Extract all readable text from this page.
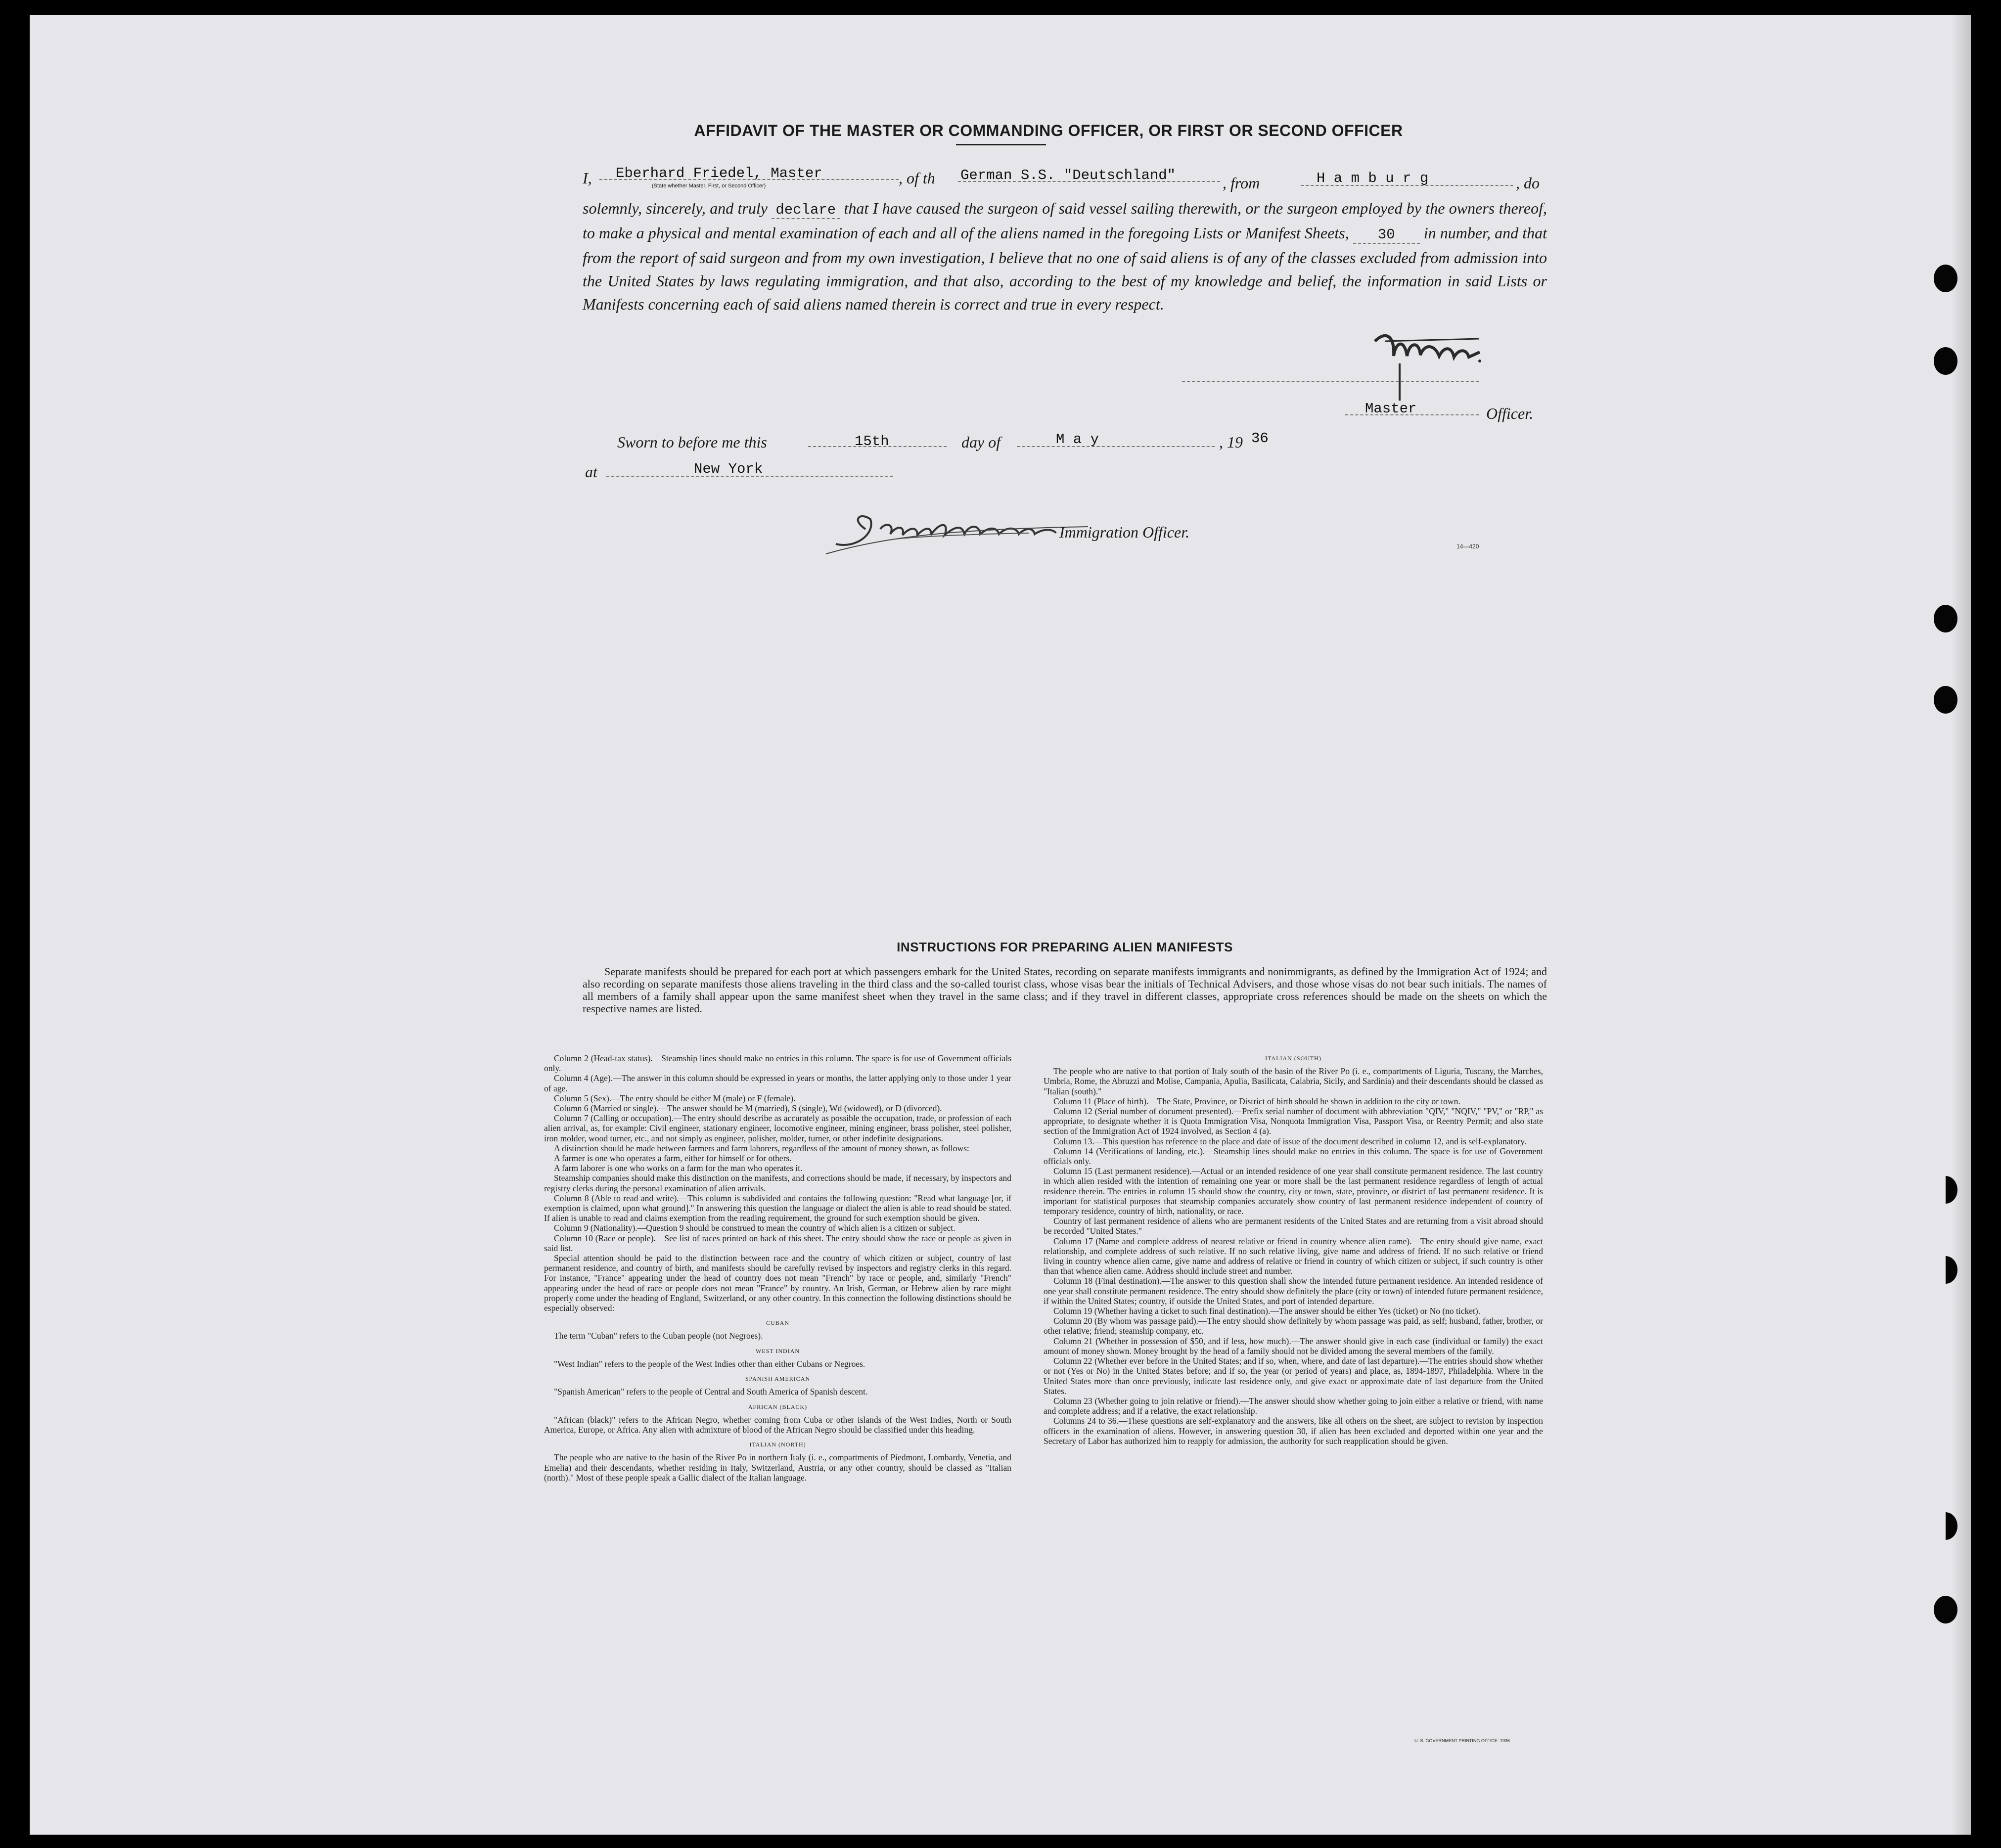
AFFIDAVIT OF THE MASTER OR COMMANDING OFFICER, OR FIRST OR SECOND OFFICER
I, Eberhard Friedel, Master
(State whether Master, First, or Second Officer)	, of th German S.S. "Deutschland"	, from	H a m b u r g	, do
solemnly, sincerely, and truly declare that I have caused the surgeon of said vessel sailing therewith, or the surgeon employed by the owners thereof, to make a physical and mental examination of each and all of the aliens named in the foregoing Lists or Manifest Sheets, 30 in number, and that from the report of said surgeon and from my own investigation, I believe that no one of said aliens is of any of the classes excluded from admission into the United States by laws regulating immigration, and that also, according to the best of my knowledge and belief, the information in said Lists or Manifests concerning each of said aliens named therein is correct and true in every respect.
Master	Officer.
Sworn to before me this	15th	day of	M a y	, 19 36
at	New York
Immigration Officer.
14—420
INSTRUCTIONS FOR PREPARING ALIEN MANIFESTS
Separate manifests should be prepared for each port at which passengers embark for the United States, recording on separate manifests immigrants and nonimmigrants, as defined by the Immigration Act of 1924; and also recording on separate manifests those aliens traveling in the third class and the so-called tourist class, whose visas bear the initials of Technical Advisers, and those whose visas do not bear such initials. The names of all members of a family shall appear upon the same manifest sheet when they travel in the same class; and if they travel in different classes, appropriate cross references should be made on the sheets on which the respective names are listed.

Column 2 (Head-tax status).—Steamship lines should make no entries in this column. The space is for use of Government officials only.

Column 4 (Age).—The answer in this column should be expressed in years or months, the latter applying only to those under 1 year of age.

Column 5 (Sex).—The entry should be either M (male) or F (female).

Column 6 (Married or single).—The answer should be M (married), S (single), Wd (widowed), or D (divorced).

Column 7 (Calling or occupation).—The entry should describe as accurately as possible the occupation, trade, or profession of each alien arrival, as, for example: Civil engineer, stationary engineer, locomotive engineer, mining engineer, brass polisher, steel polisher, iron molder, wood turner, etc., and not simply as engineer, polisher, molder, turner, or other indefinite designations.

A distinction should be made between farmers and farm laborers, regardless of the amount of money shown, as follows:

A farmer is one who operates a farm, either for himself or for others.

A farm laborer is one who works on a farm for the man who operates it.

Steamship companies should make this distinction on the manifests, and corrections should be made, if necessary, by inspectors and registry clerks during the personal examination of alien arrivals.

Column 8 (Able to read and write).—This column is subdivided and contains the following question: "Read what language [or, if exemption is claimed, upon what ground]." In answering this question the language or dialect the alien is able to read should be stated. If alien is unable to read and claims exemption from the reading requirement, the ground for such exemption should be given.

Column 9 (Nationality).—Question 9 should be construed to mean the country of which alien is a citizen or subject.

Column 10 (Race or people).—See list of races printed on back of this sheet. The entry should show the race or people as given in said list.

Special attention should be paid to the distinction between race and the country of which citizen or subject, country of last permanent residence, and country of birth, and manifests should be carefully revised by inspectors and registry clerks in this regard. For instance, "France" appearing under the head of country does not mean "French" by race or people, and, similarly "French" appearing under the head of race or people does not mean "France" by country. An Irish, German, or Hebrew alien by race might properly come under the heading of England, Switzerland, or any other country. In this connection the following distinctions should be especially observed:

CUBAN

The term "Cuban" refers to the Cuban people (not Negroes).

WEST INDIAN

"West Indian" refers to the people of the West Indies other than either Cubans or Negroes.

SPANISH AMERICAN

"Spanish American" refers to the people of Central and South America of Spanish descent.

AFRICAN (BLACK)

"African (black)" refers to the African Negro, whether coming from Cuba or other islands of the West Indies, North or South America, Europe, or Africa. Any alien with admixture of blood of the African Negro should be classified under this heading.

ITALIAN (NORTH)

The people who are native to the basin of the River Po in northern Italy (i. e., compartments of Piedmont, Lombardy, Venetia, and Emelia) and their descendants, whether residing in Italy, Switzerland, Austria, or any other country, should be classed as "Italian (north)." Most of these people speak a Gallic dialect of the Italian language.

ITALIAN (SOUTH)

The people who are native to that portion of Italy south of the basin of the River Po (i. e., compartments of Liguria, Tuscany, the Marches, Umbria, Rome, the Abruzzi and Molise, Campania, Apulia, Basilicata, Calabria, Sicily, and Sardinia) and their descendants should be classed as "Italian (south)."

Column 11 (Place of birth).—The State, Province, or District of birth should be shown in addition to the city or town.

Column 12 (Serial number of document presented).—Prefix serial number of document with abbreviation "QIV," "NQIV," "PV," or "RP," as appropriate, to designate whether it is Quota Immigration Visa, Nonquota Immigration Visa, Passport Visa, or Reentry Permit; and also state section of the Immigration Act of 1924 involved, as Section 4 (a).

Column 13.—This question has reference to the place and date of issue of the document described in column 12, and is self-explanatory.

Column 14 (Verifications of landing, etc.).—Steamship lines should make no entries in this column. The space is for use of Government officials only.

Column 15 (Last permanent residence).—Actual or an intended residence of one year shall constitute permanent residence. The last country in which alien resided with the intention of remaining one year or more shall be the last permanent residence regardless of length of actual residence therein. The entries in column 15 should show the country, city or town, state, province, or district of last permanent residence. It is important for statistical purposes that steamship companies accurately show country of last permanent residence independent of country of temporary residence, country of birth, nationality, or race.

Country of last permanent residence of aliens who are permanent residents of the United States and are returning from a visit abroad should be recorded "United States."

Column 17 (Name and complete address of nearest relative or friend in country whence alien came).—The entry should give name, exact relationship, and complete address of such relative. If no such relative living, give name and address of friend. If no such relative or friend living in country whence alien came, give name and address of relative or friend in country of which citizen or subject, if such country is other than that whence alien came. Address should include street and number.

Column 18 (Final destination).—The answer to this question shall show the intended future permanent residence. An intended residence of one year shall constitute permanent residence. The entry should show definitely the place (city or town) of intended future permanent residence, if within the United States; country, if outside the United States, and port of intended departure.

Column 19 (Whether having a ticket to such final destination).—The answer should be either Yes (ticket) or No (no ticket).

Column 20 (By whom was passage paid).—The entry should show definitely by whom passage was paid, as self; husband, father, brother, or other relative; friend; steamship company, etc.

Column 21 (Whether in possession of $50, and if less, how much).—The answer should give in each case (individual or family) the exact amount of money shown. Money brought by the head of a family should not be divided among the several members of the family.

Column 22 (Whether ever before in the United States; and if so, when, where, and date of last departure).—The entries should show whether or not (Yes or No) in the United States before; and if so, the year (or period of years) and place, as, 1894-1897, Philadelphia. Where in the United States more than once previously, indicate last residence only, and give exact or approximate date of last departure from the United States.

Column 23 (Whether going to join relative or friend).—The answer should show whether going to join either a relative or friend, with name and complete address; and if a relative, the exact relationship.

Columns 24 to 36.—These questions are self-explanatory and the answers, like all others on the sheet, are subject to revision by inspection officers in the examination of aliens. However, in answering question 30, if alien has been excluded and deported within one year and the Secretary of Labor has authorized him to reapply for admission, the authority for such reapplication should be given.

U. S. GOVERNMENT PRINTING OFFICE: 1936
